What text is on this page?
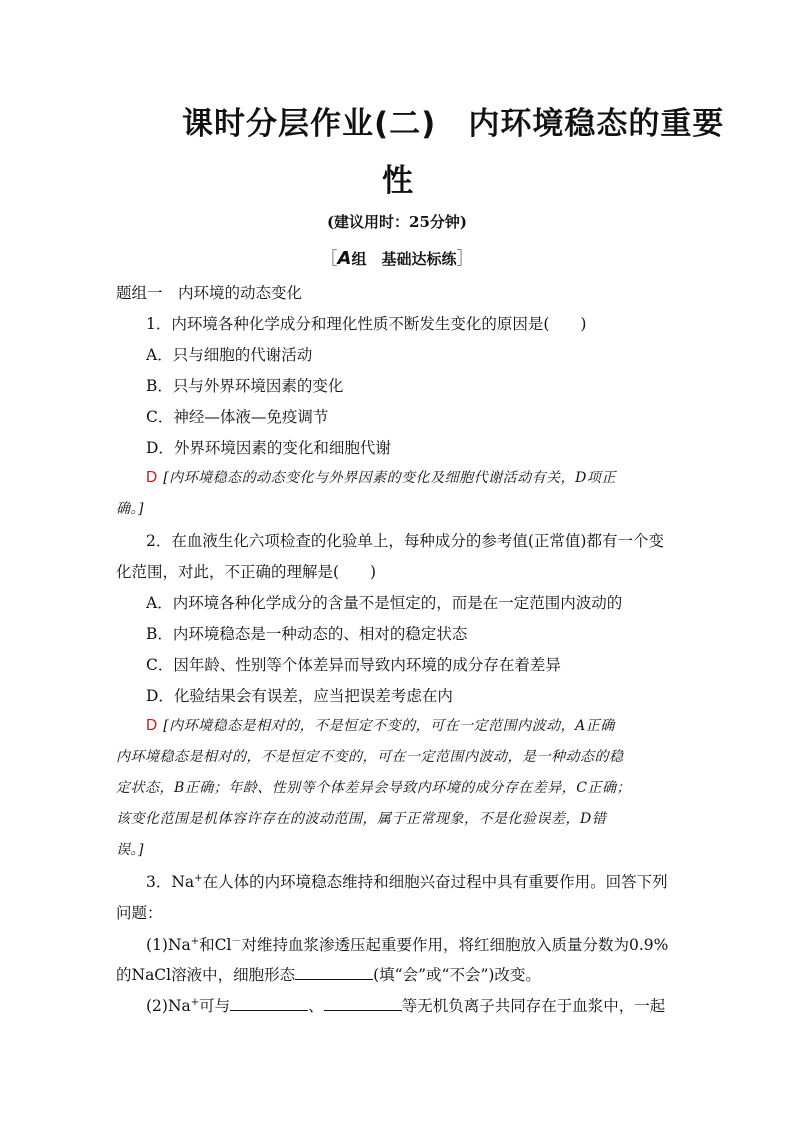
课时分层作业(二)　内环境稳态的重要
性
(建议用时：25分钟)
［A组　基础达标练］
题组一　内环境的动态变化
1．内环境各种化学成分和理化性质不断发生变化的原因是(　　)
A．只与细胞的代谢活动
B．只与外界环境因素的变化
C．神经—体液—免疫调节
D．外界环境因素的变化和细胞代谢
D [内环境稳态的动态变化与外界因素的变化及细胞代谢活动有关，D项正
确。]
2．在血液生化六项检查的化验单上，每种成分的参考值(正常值)都有一个变
化范围，对此，不正确的理解是(　　)
A．内环境各种化学成分的含量不是恒定的，而是在一定范围内波动的
B．内环境稳态是一种动态的、相对的稳定状态
C．因年龄、性别等个体差异而导致内环境的成分存在着差异
D．化验结果会有误差，应当把误差考虑在内
D [内环境稳态是相对的，不是恒定不变的，可在一定范围内波动，A正确
内环境稳态是相对的，不是恒定不变的，可在一定范围内波动，是一种动态的稳
定状态，B正确；年龄、性别等个体差异会导致内环境的成分存在差异，C正确；
该变化范围是机体容许存在的波动范围，属于正常现象，不是化验误差，D错
误。]
3．Na+在人体的内环境稳态维持和细胞兴奋过程中具有重要作用。回答下列
问题：
(1)Na+和Cl－对维持血浆渗透压起重要作用，将红细胞放入质量分数为0.9%
的NaCl溶液中，细胞形态	(填“会”或“不会”)改变。
(2)Na+可与	、	等无机负离子共同存在于血浆中，一起
